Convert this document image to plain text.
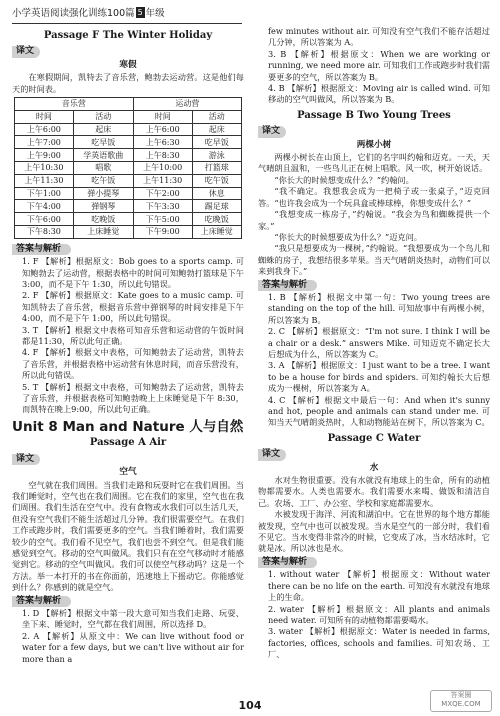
小学英语阅读强化训练100篇 5 年级
Passage F The Winter Holiday
译文
寒假

在寒假期间，凯特去了音乐营，鲍勃去运动营。这是他们每天的时间表。

音乐营		运动营	
时间	活动	时间	活动
上午6:00	起床	上午6:00	起床
上午7:00	吃早饭	上午6:30	吃早饭
上午9:00	学英语歌曲	上午8:30	游泳
上午10:30	唱歌	上午10:00	打篮球
上午11:30	吃午饭	上午11:30	吃午饭
下午1:00	弹小提琴	下午2:00	休息
下午4:00	弹钢琴	下午3:30	踢足球
下午6:00	吃晚饭	下午5:00	吃晚饭
下午8:30	上床睡觉	下午9:00	上床睡觉
答案与解析

1. F 【解析】根据原文：Bob goes to a sports camp. 可知鲍勃去了运动营，根据表格中的时间可知鲍勃打篮球是下午 3:00，而不是下午 1:30，所以此句错误。

2. F 【解析】根据原文：Kate goes to a music camp. 可知凯特去了音乐营，根据音乐营中弹钢琴的时间安排是下午4:00，而不是下午 1:00，所以此句错误。

3. T 【解析】根据文中表格可知音乐营和运动营的午饭时间都是11:30，所以此句正确。

4. F 【解析】根据文中表格，可知鲍勃去了运动营，凯特去了音乐营，并根据表格中运动营有休息时间，而音乐营没有，所以此句错误。

5. T 【解析】根据文中表格，可知鲍勃去了运动营，凯特去了音乐营，并根据表格可知鲍勃晚上上床睡觉是下午 8:30，而凯特在晚上9:00，所以此句正确。

Unit 8 Man and Nature 人与自然
Passage A Air
译文
空气

空气就在我们周围。当我们走路和玩耍时它在我们周围。当我们睡觉时，空气也在我们周围。它在我们的家里，空气也在我们周围。我们生活在空气中。没有食物或水我们可以生活几天，但没有空气我们不能生活超过几分钟。我们很需要空气。在我们工作或跑步时，我们需要更多的空气。当我们睡着时，我们需要较少的空气。我们看不见空气，我们也尝不到空气。但是我们能感觉到空气。移动的空气叫做风。我们只有在空气移动时才能感觉到它。移动的空气叫做风。我们可以使空气移动吗？这是一个方法。举一本打开的书在你面前，迅速地上下摇动它。你能感觉到什么？你感到的就是空气。

答案与解析

1. D 【解析】根据文中第一段大意可知当我们走路、玩耍、坐下来、睡觉时，空气都在我们周围，所以选择 D。

2. A 【解析】从原文中：We can live without food or water for a few days, but we can't live without air for more than a

few minutes without air. 可知没有空气我们不能存活超过几分钟，所以答案为 A。

3. B 【解析】根据原文：When we are working or running, we need more air. 可知我们工作或跑步时我们需要更多的空气，所以答案为 B。

4. B 【解析】根据原文：Moving air is called wind. 可知移动的空气叫做风，所以答案为 B。

Passage B Two Young Trees
译文
两棵小树

两棵小树长在山顶上，它们的名字叫约翰和迈克。一天，天气晴朗且温和，一些鸟儿正在树上唱歌。风一吹，树开始说话。

“你长大的时候想变成什么？”约翰问。

“我不确定。我想我会成为一把椅子或一张桌子，”迈克回答。“也许我会成为一个玩具盒或棒球棒，你想变成什么？”

“我想变成一栋房子，”约翰说。“我会为鸟和蜘蛛提供一个家。”

“你长大的时候想要成为什么？”迈克问。

“我只是想要成为一棵树，”约翰说。“我想要成为一个鸟儿和蜘蛛的房子，我想结很多苹果。当天气晴朗炎热时，动物们可以来到我身下。”

答案与解析

1. B 【解析】根据文中第一句：Two young trees are standing on the top of the hill. 可知故事中有两棵小树，所以答案为 B。

2. C 【解析】根据原文：“I'm not sure. I think I will be a chair or a desk.” answers Mike. 可知迈克不确定长大后想成为什么，所以答案为 C。

3. A 【解析】根据原文：I just want to be a tree. I want to be a house for birds and spiders. 可知约翰长大后想成为一棵树，所以答案为 A。

4. C 【解析】根据文中最后一句：And when it's sunny and hot, people and animals can stand under me. 可知当天气晴朗炎热时，人和动物能站在树下，所以答案为 C。

Passage C Water
译文
水

水对生物很重要。没有水就没有地球上的生命，所有的动植物都需要水。人类也需要水。我们需要水来喝、做饭和清洁自己。农场、工厂、办公室、学校和家庭都需要水。

水被发现于海洋、河流和湖泊中。它在世界的每个地方都能被发现，空气中也可以被发现。当水是空气的一部分时，我们看不见它。当水变得非常冷的时候，它变成了冰，当水结冰时，它就是冰。所以冰也是水。

答案与解析

1. without water 【解析】根据原文：Without water there can be no life on the earth. 可知没有水就没有地球上的生命。

2. water 【解析】根据原文：All plants and animals need water. 可知所有的动植物都需要喝水。

3. water 【解析】根据原文：Water is needed in farms, factories, offices, schools and families. 可知农场、工厂、

104
答案圈 MXQE.COM
